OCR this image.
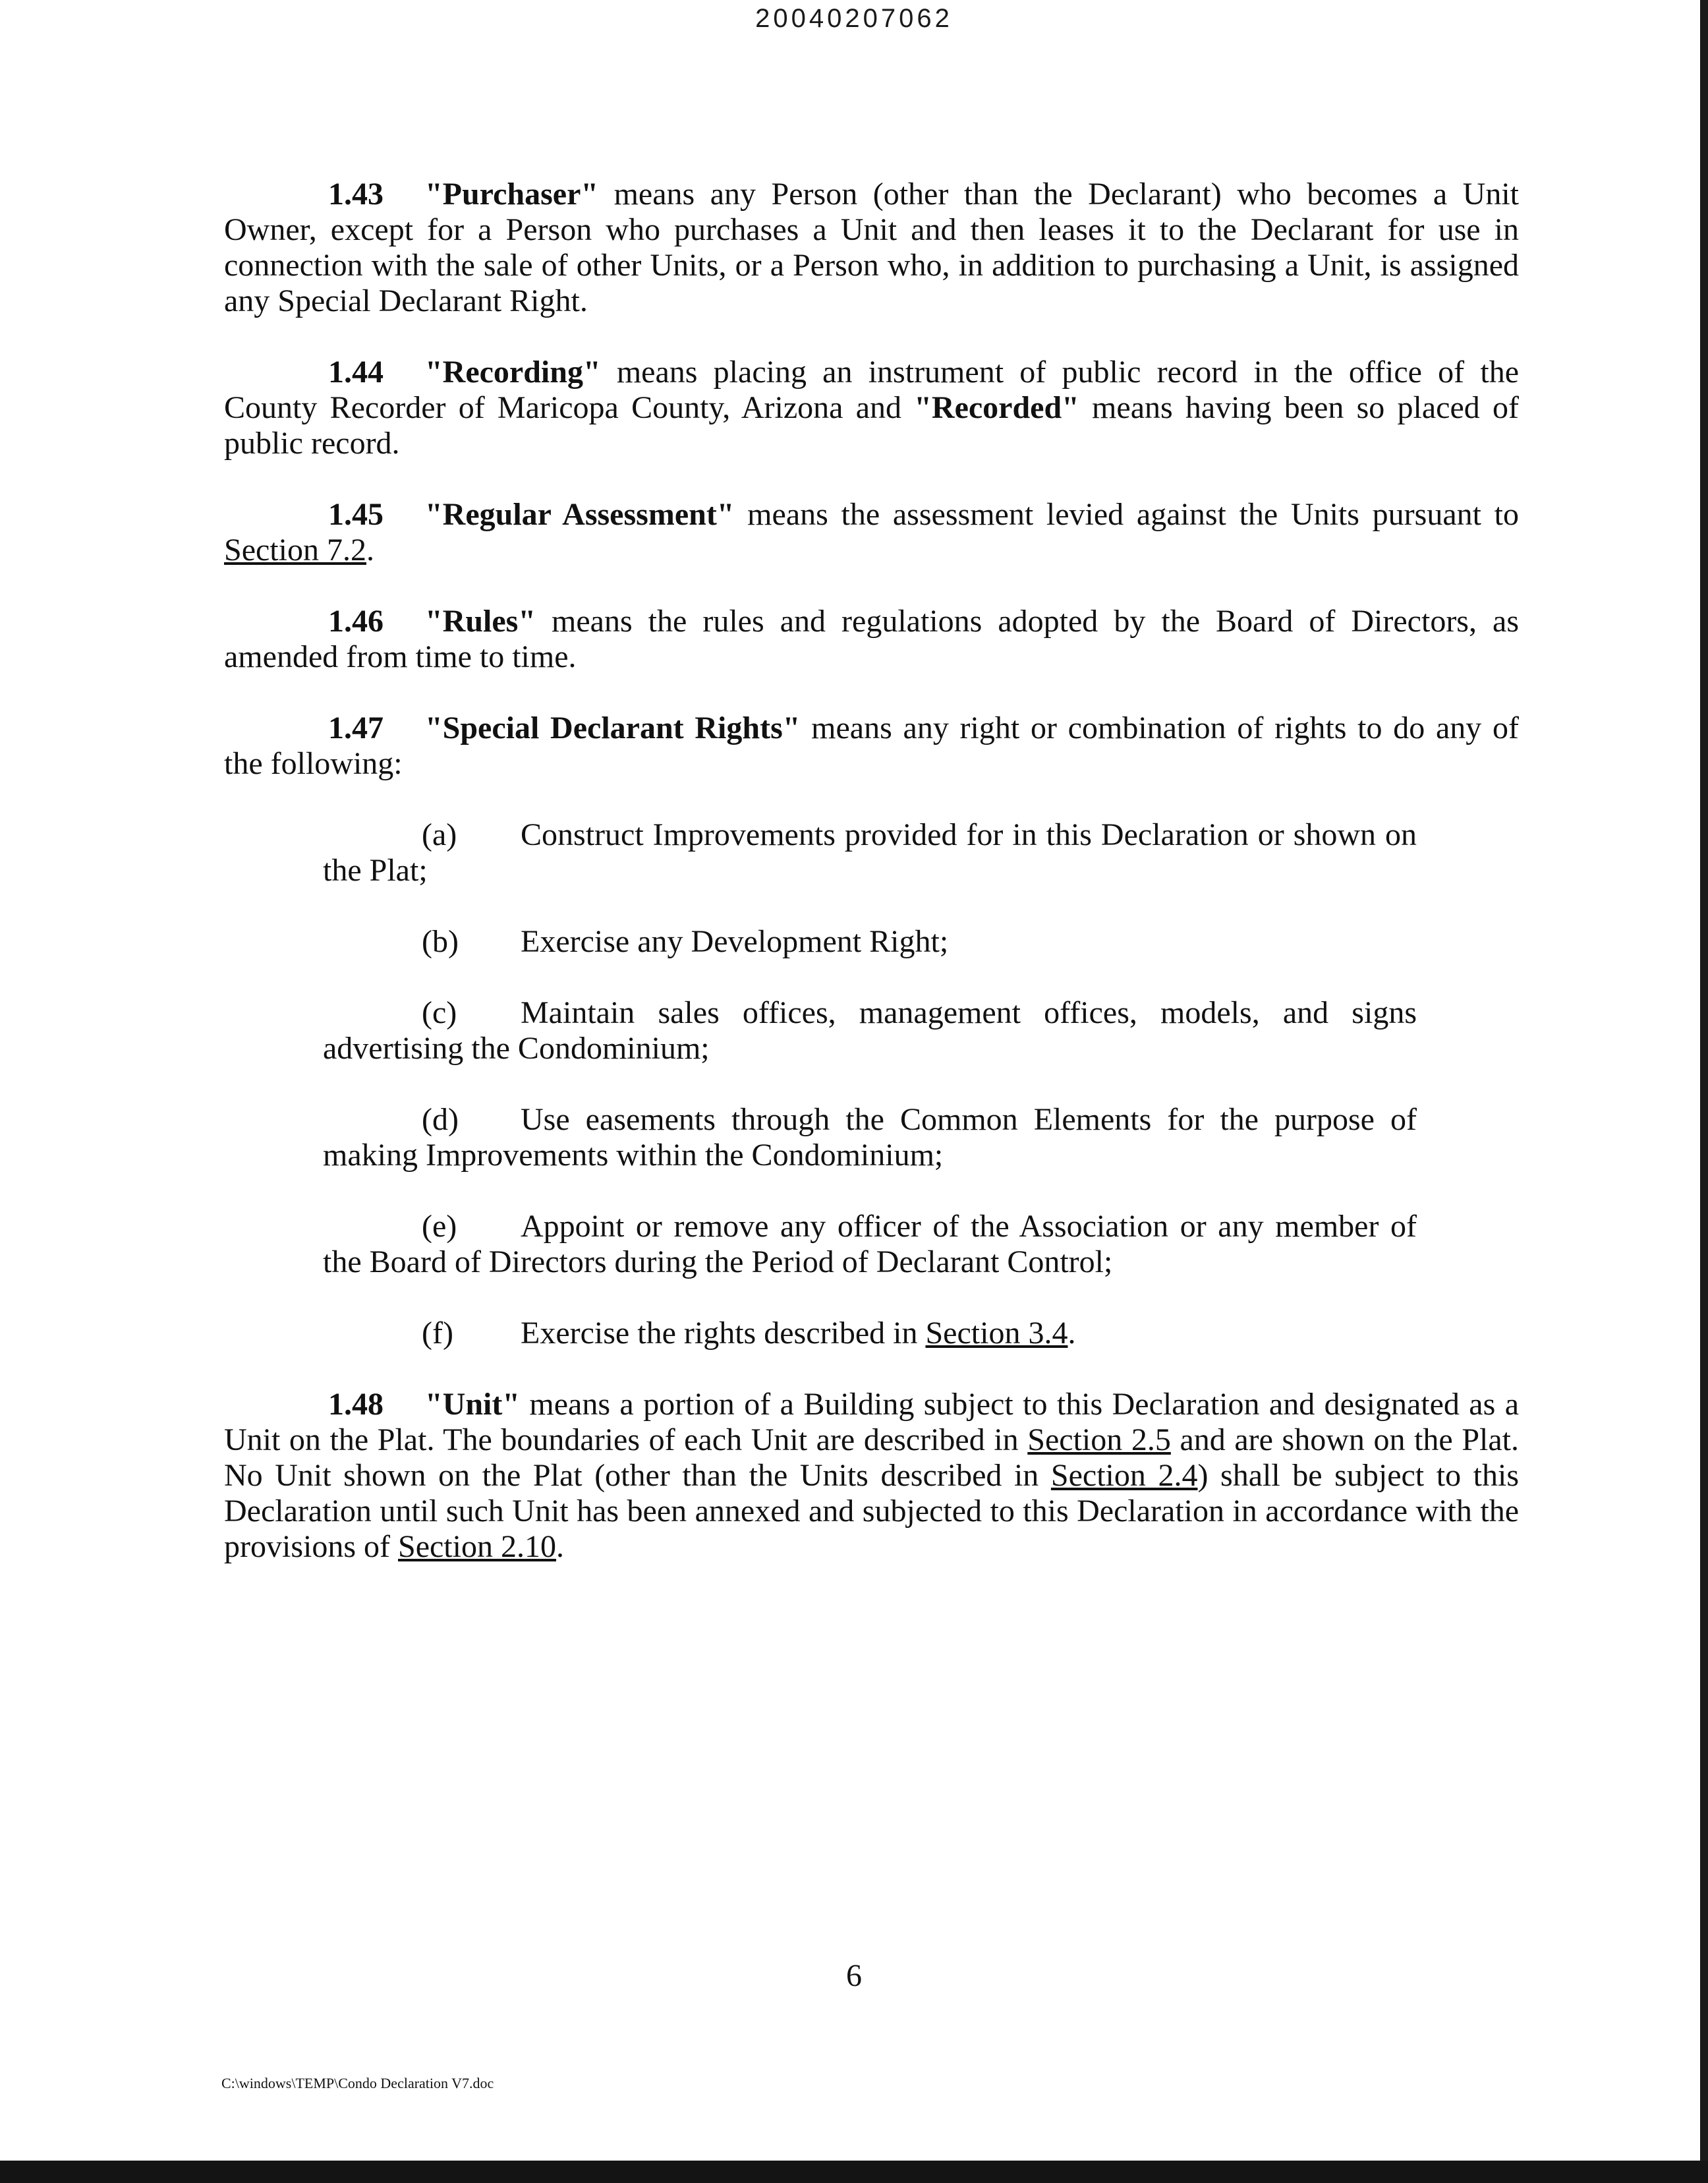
20040207062

1.43 "Purchaser" means any Person (other than the Declarant) who becomes a Unit Owner, except for a Person who purchases a Unit and then leases it to the Declarant for use in connection with the sale of other Units, or a Person who, in addition to purchasing a Unit, is assigned any Special Declarant Right.

1.44 "Recording" means placing an instrument of public record in the office of the County Recorder of Maricopa County, Arizona and "Recorded" means having been so placed of public record.

1.45 "Regular Assessment" means the assessment levied against the Units pursuant to Section 7.2.

1.46 "Rules" means the rules and regulations adopted by the Board of Directors, as amended from time to time.

1.47 "Special Declarant Rights" means any right or combination of rights to do any of the following:

(a) Construct Improvements provided for in this Declaration or shown on the Plat;

(b) Exercise any Development Right;

(c) Maintain sales offices, management offices, models, and signs advertising the Condominium;

(d) Use easements through the Common Elements for the purpose of making Improvements within the Condominium;

(e) Appoint or remove any officer of the Association or any member of the Board of Directors during the Period of Declarant Control;

(f) Exercise the rights described in Section 3.4.

1.48 "Unit" means a portion of a Building subject to this Declaration and designated as a Unit on the Plat. The boundaries of each Unit are described in Section 2.5 and are shown on the Plat. No Unit shown on the Plat (other than the Units described in Section 2.4) shall be subject to this Declaration until such Unit has been annexed and subjected to this Declaration in accordance with the provisions of Section 2.10.

6
C:\windows\TEMP\Condo Declaration V7.doc
